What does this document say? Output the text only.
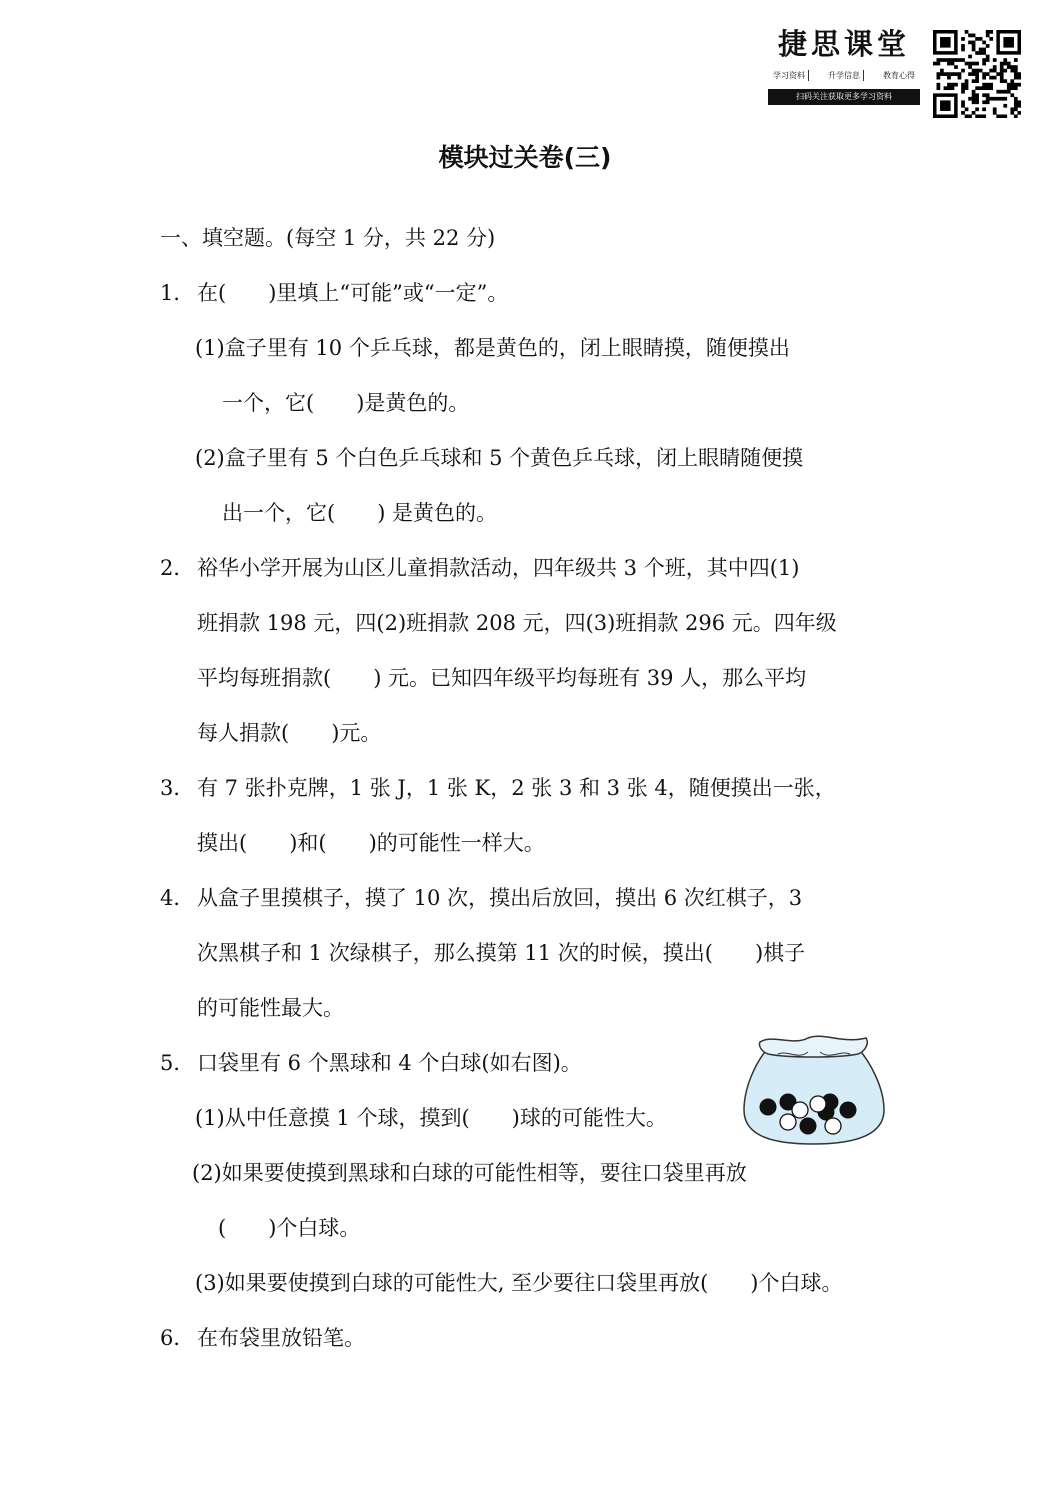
捷思课堂
学习资料	升学信息	教育心得
扫码关注获取更多学习资料
模块过关卷(三)
一、填空题。(每空 1 分，共 22 分)
1． 在(　　)里填上“可能”或“一定”。
(1)盒子里有 10 个乒乓球，都是黄色的，闭上眼睛摸，随便摸出
一个，它(　　)是黄色的。
(2)盒子里有 5 个白色乒乓球和 5 个黄色乒乓球，闭上眼睛随便摸
出一个，它(　　) 是黄色的。
2． 裕华小学开展为山区儿童捐款活动，四年级共 3 个班，其中四(1)
班捐款 198 元，四(2)班捐款 208 元，四(3)班捐款 296 元。四年级
平均每班捐款(　　) 元。已知四年级平均每班有 39 人，那么平均
每人捐款(　　)元。
3． 有 7 张扑克牌，1 张 J，1 张 K，2 张 3 和 3 张 4，随便摸出一张，
摸出(　　)和(　　)的可能性一样大。
4． 从盒子里摸棋子，摸了 10 次，摸出后放回，摸出 6 次红棋子，3
次黑棋子和 1 次绿棋子，那么摸第 11 次的时候，摸出(　　)棋子
的可能性最大。
5． 口袋里有 6 个黑球和 4 个白球(如右图)。
(1)从中任意摸 1 个球，摸到(　　)球的可能性大。
(2)如果要使摸到黑球和白球的可能性相等，要往口袋里再放
(　　)个白球。
(3)如果要使摸到白球的可能性大, 至少要往口袋里再放(　　)个白球。
6． 在布袋里放铅笔。
